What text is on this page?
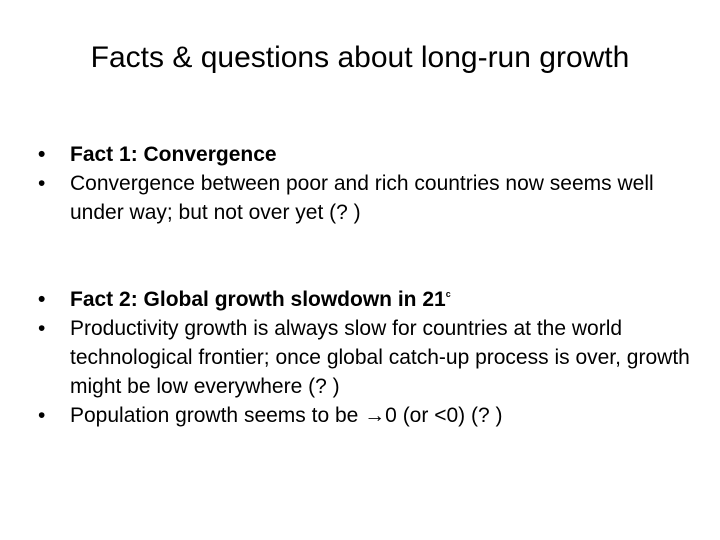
Facts & questions about long-run growth
•	Fact 1: Convergence
•	Convergence between poor and rich countries now seems well under way; but not over yet (? )
•	Fact 2: Global growth slowdown in 21$^c$
•	Productivity growth is always slow for countries at the world technological frontier; once global catch-up process is over, growth might be low everywhere (? )
•	Population growth seems to be →0 (or <0) (? )
